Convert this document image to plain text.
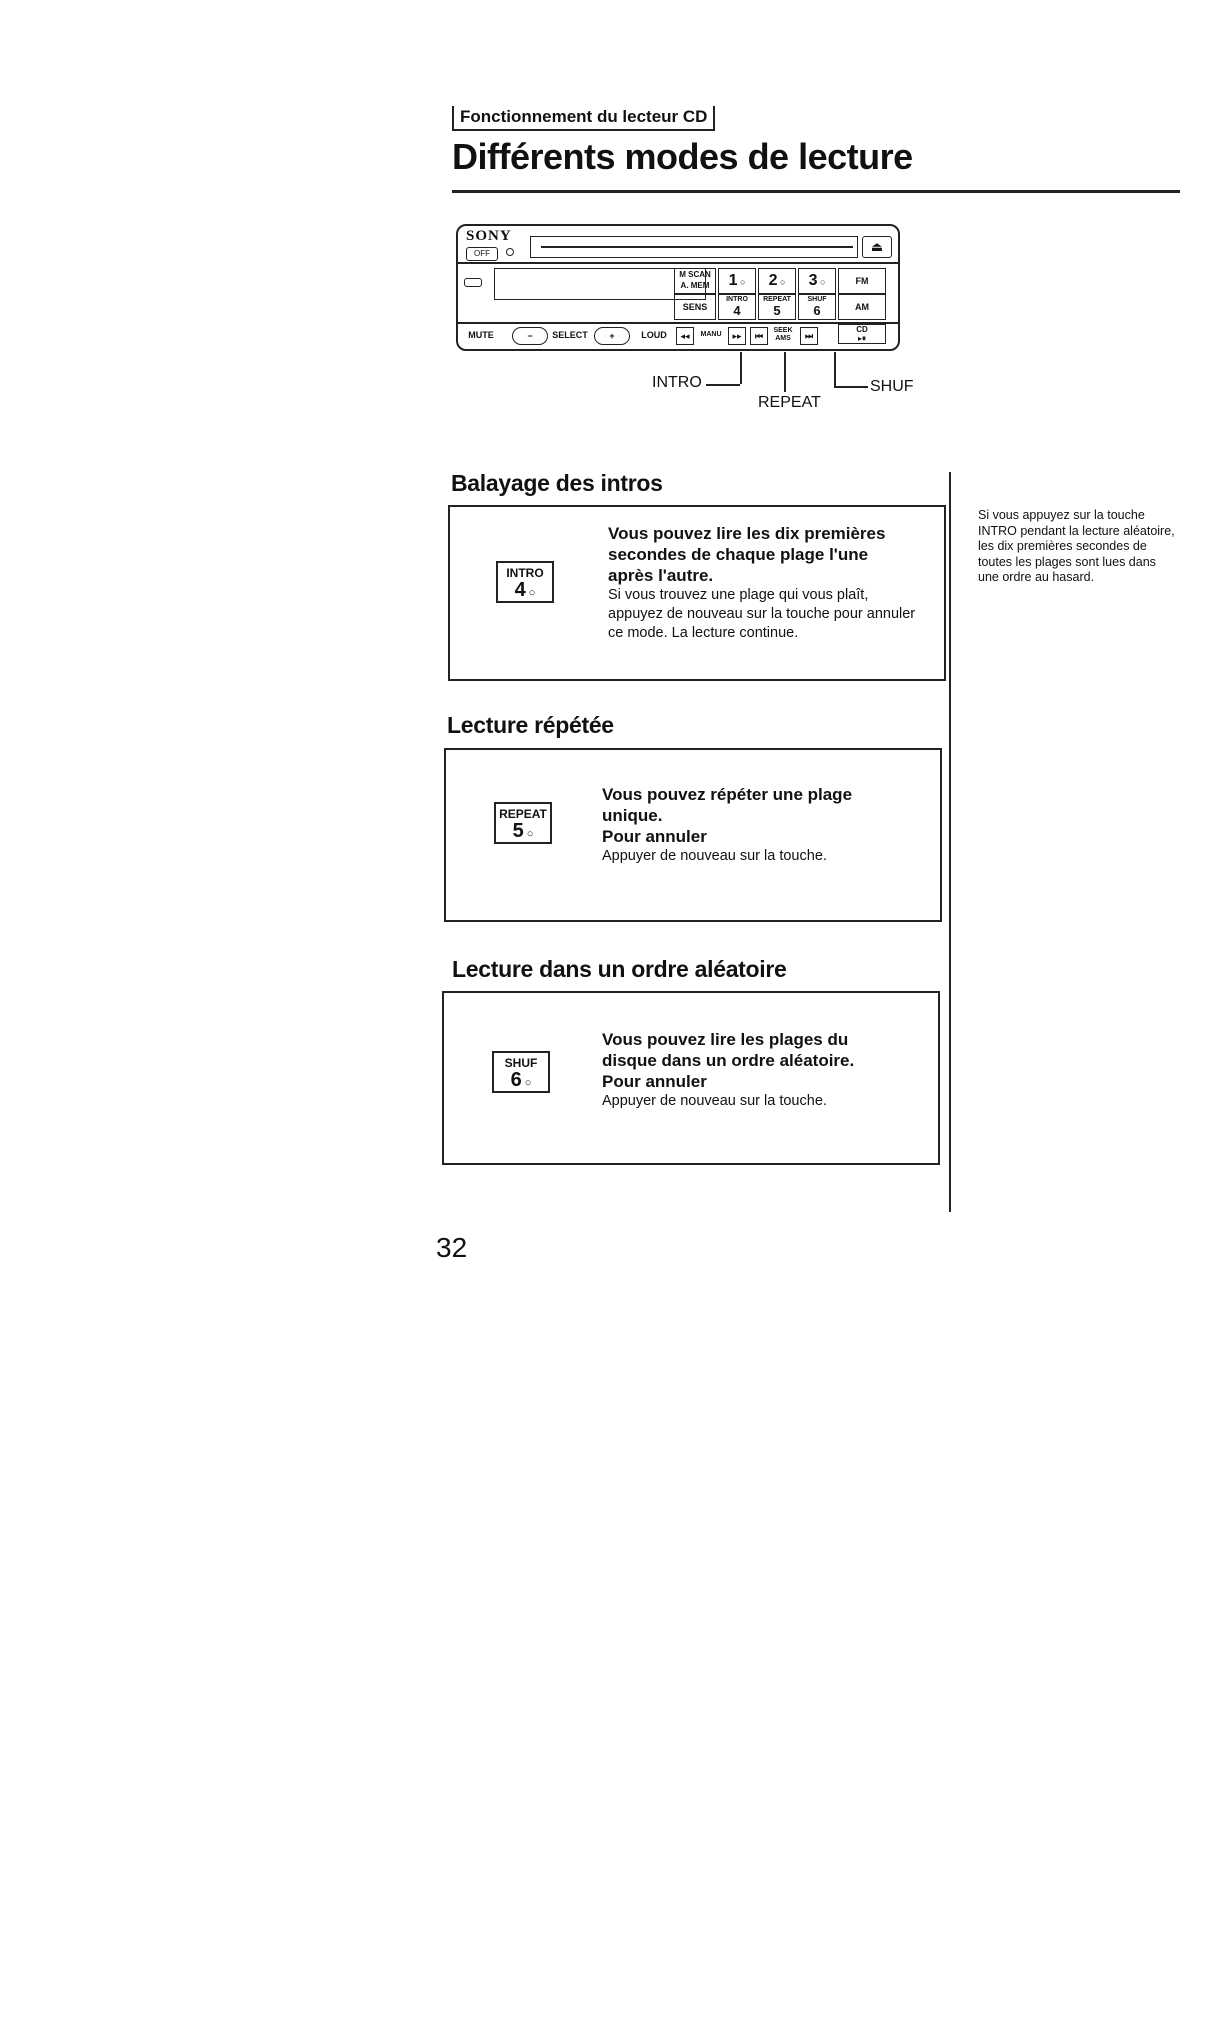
Fonctionnement du lecteur CD
Différents modes de lecture
SONY
OFF	⏏
M SCAN
A. MEM
SENS
1 ○	2 ○	3 ○	FM
INTRO
4
REPEAT
5
SHUF
6	AM
MUTE	−	SELECT	+	LOUD	◂◂	MANU	▸▸	⏮
SEEK
AMS	⏭
CD
▸⏸
INTRO
REPEAT
SHUF
Balayage des intros
INTRO
4 ○
Vous pouvez lire les dix premières secondes de chaque plage l'une après l'autre.
Si vous trouvez une plage qui vous plaît, appuyez de nouveau sur la touche pour annuler ce mode. La lecture continue.
Lecture répétée
REPEAT
5 ○
Vous pouvez répéter une plage unique.
Pour annuler
Appuyer de nouveau sur la touche.
Lecture dans un ordre aléatoire
SHUF
6 ○
Vous pouvez lire les plages du disque dans un ordre aléatoire.
Pour annuler
Appuyer de nouveau sur la touche.
Si vous appuyez sur la touche INTRO pendant la lecture aléatoire, les dix premières secondes de toutes les plages sont lues dans une ordre au hasard.
32
